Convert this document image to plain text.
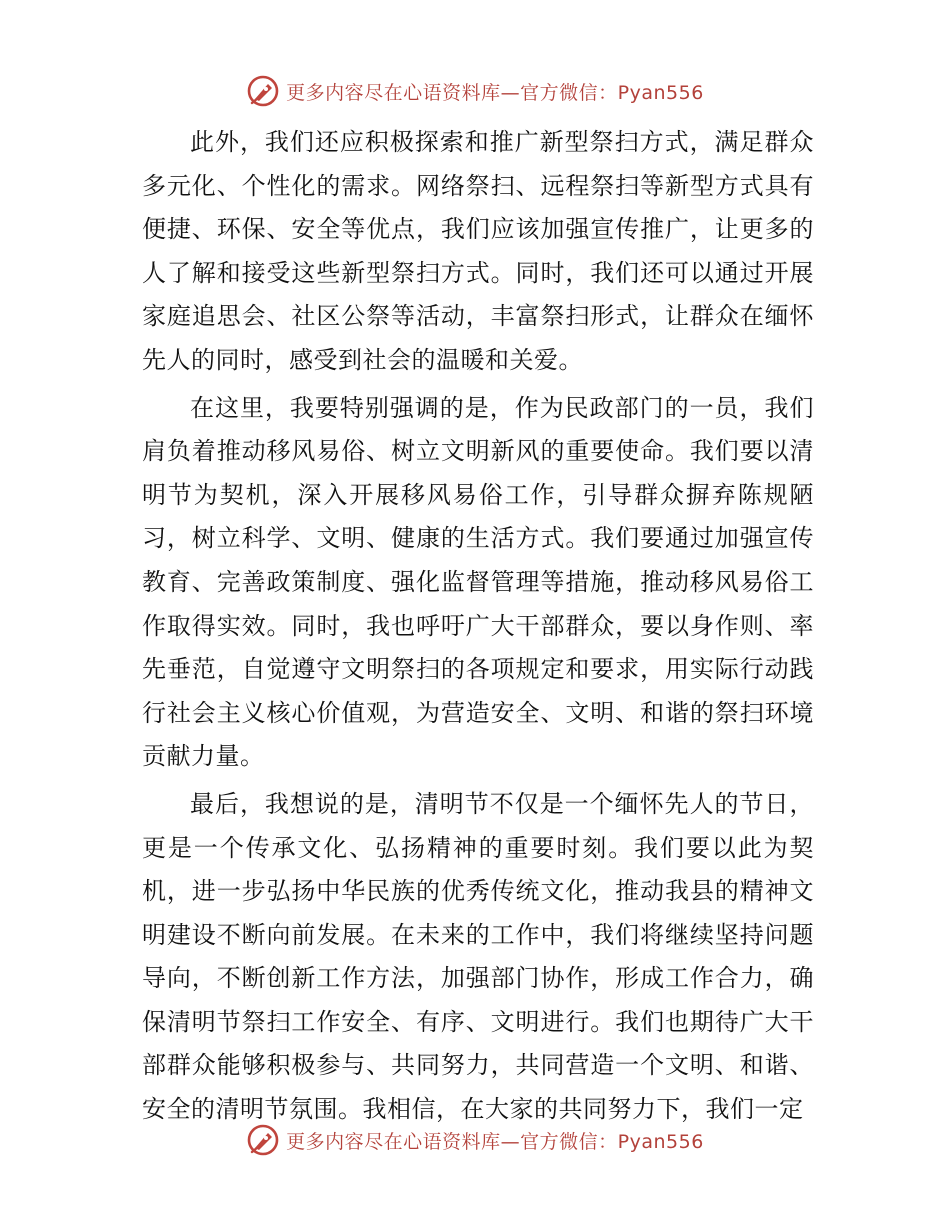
更多内容尽在心语资料库—官方微信：Pyan556

此外，我们还应积极探索和推广新型祭扫方式，满足群众多元化、个性化的需求。网络祭扫、远程祭扫等新型方式具有便捷、环保、安全等优点，我们应该加强宣传推广，让更多的人了解和接受这些新型祭扫方式。同时，我们还可以通过开展家庭追思会、社区公祭等活动，丰富祭扫形式，让群众在缅怀先人的同时，感受到社会的温暖和关爱。

在这里，我要特别强调的是，作为民政部门的一员，我们肩负着推动移风易俗、树立文明新风的重要使命。我们要以清明节为契机，深入开展移风易俗工作，引导群众摒弃陈规陋习，树立科学、文明、健康的生活方式。我们要通过加强宣传教育、完善政策制度、强化监督管理等措施，推动移风易俗工作取得实效。同时，我也呼吁广大干部群众，要以身作则、率先垂范，自觉遵守文明祭扫的各项规定和要求，用实际行动践行社会主义核心价值观，为营造安全、文明、和谐的祭扫环境贡献力量。

最后，我想说的是，清明节不仅是一个缅怀先人的节日，更是一个传承文化、弘扬精神的重要时刻。我们要以此为契机，进一步弘扬中华民族的优秀传统文化，推动我县的精神文明建设不断向前发展。在未来的工作中，我们将继续坚持问题导向，不断创新工作方法，加强部门协作，形成工作合力，确保清明节祭扫工作安全、有序、文明进行。我们也期待广大干部群众能够积极参与、共同努力，共同营造一个文明、和谐、安全的清明节氛围。我相信，在大家的共同努力下，我们一定

更多内容尽在心语资料库—官方微信：Pyan556
